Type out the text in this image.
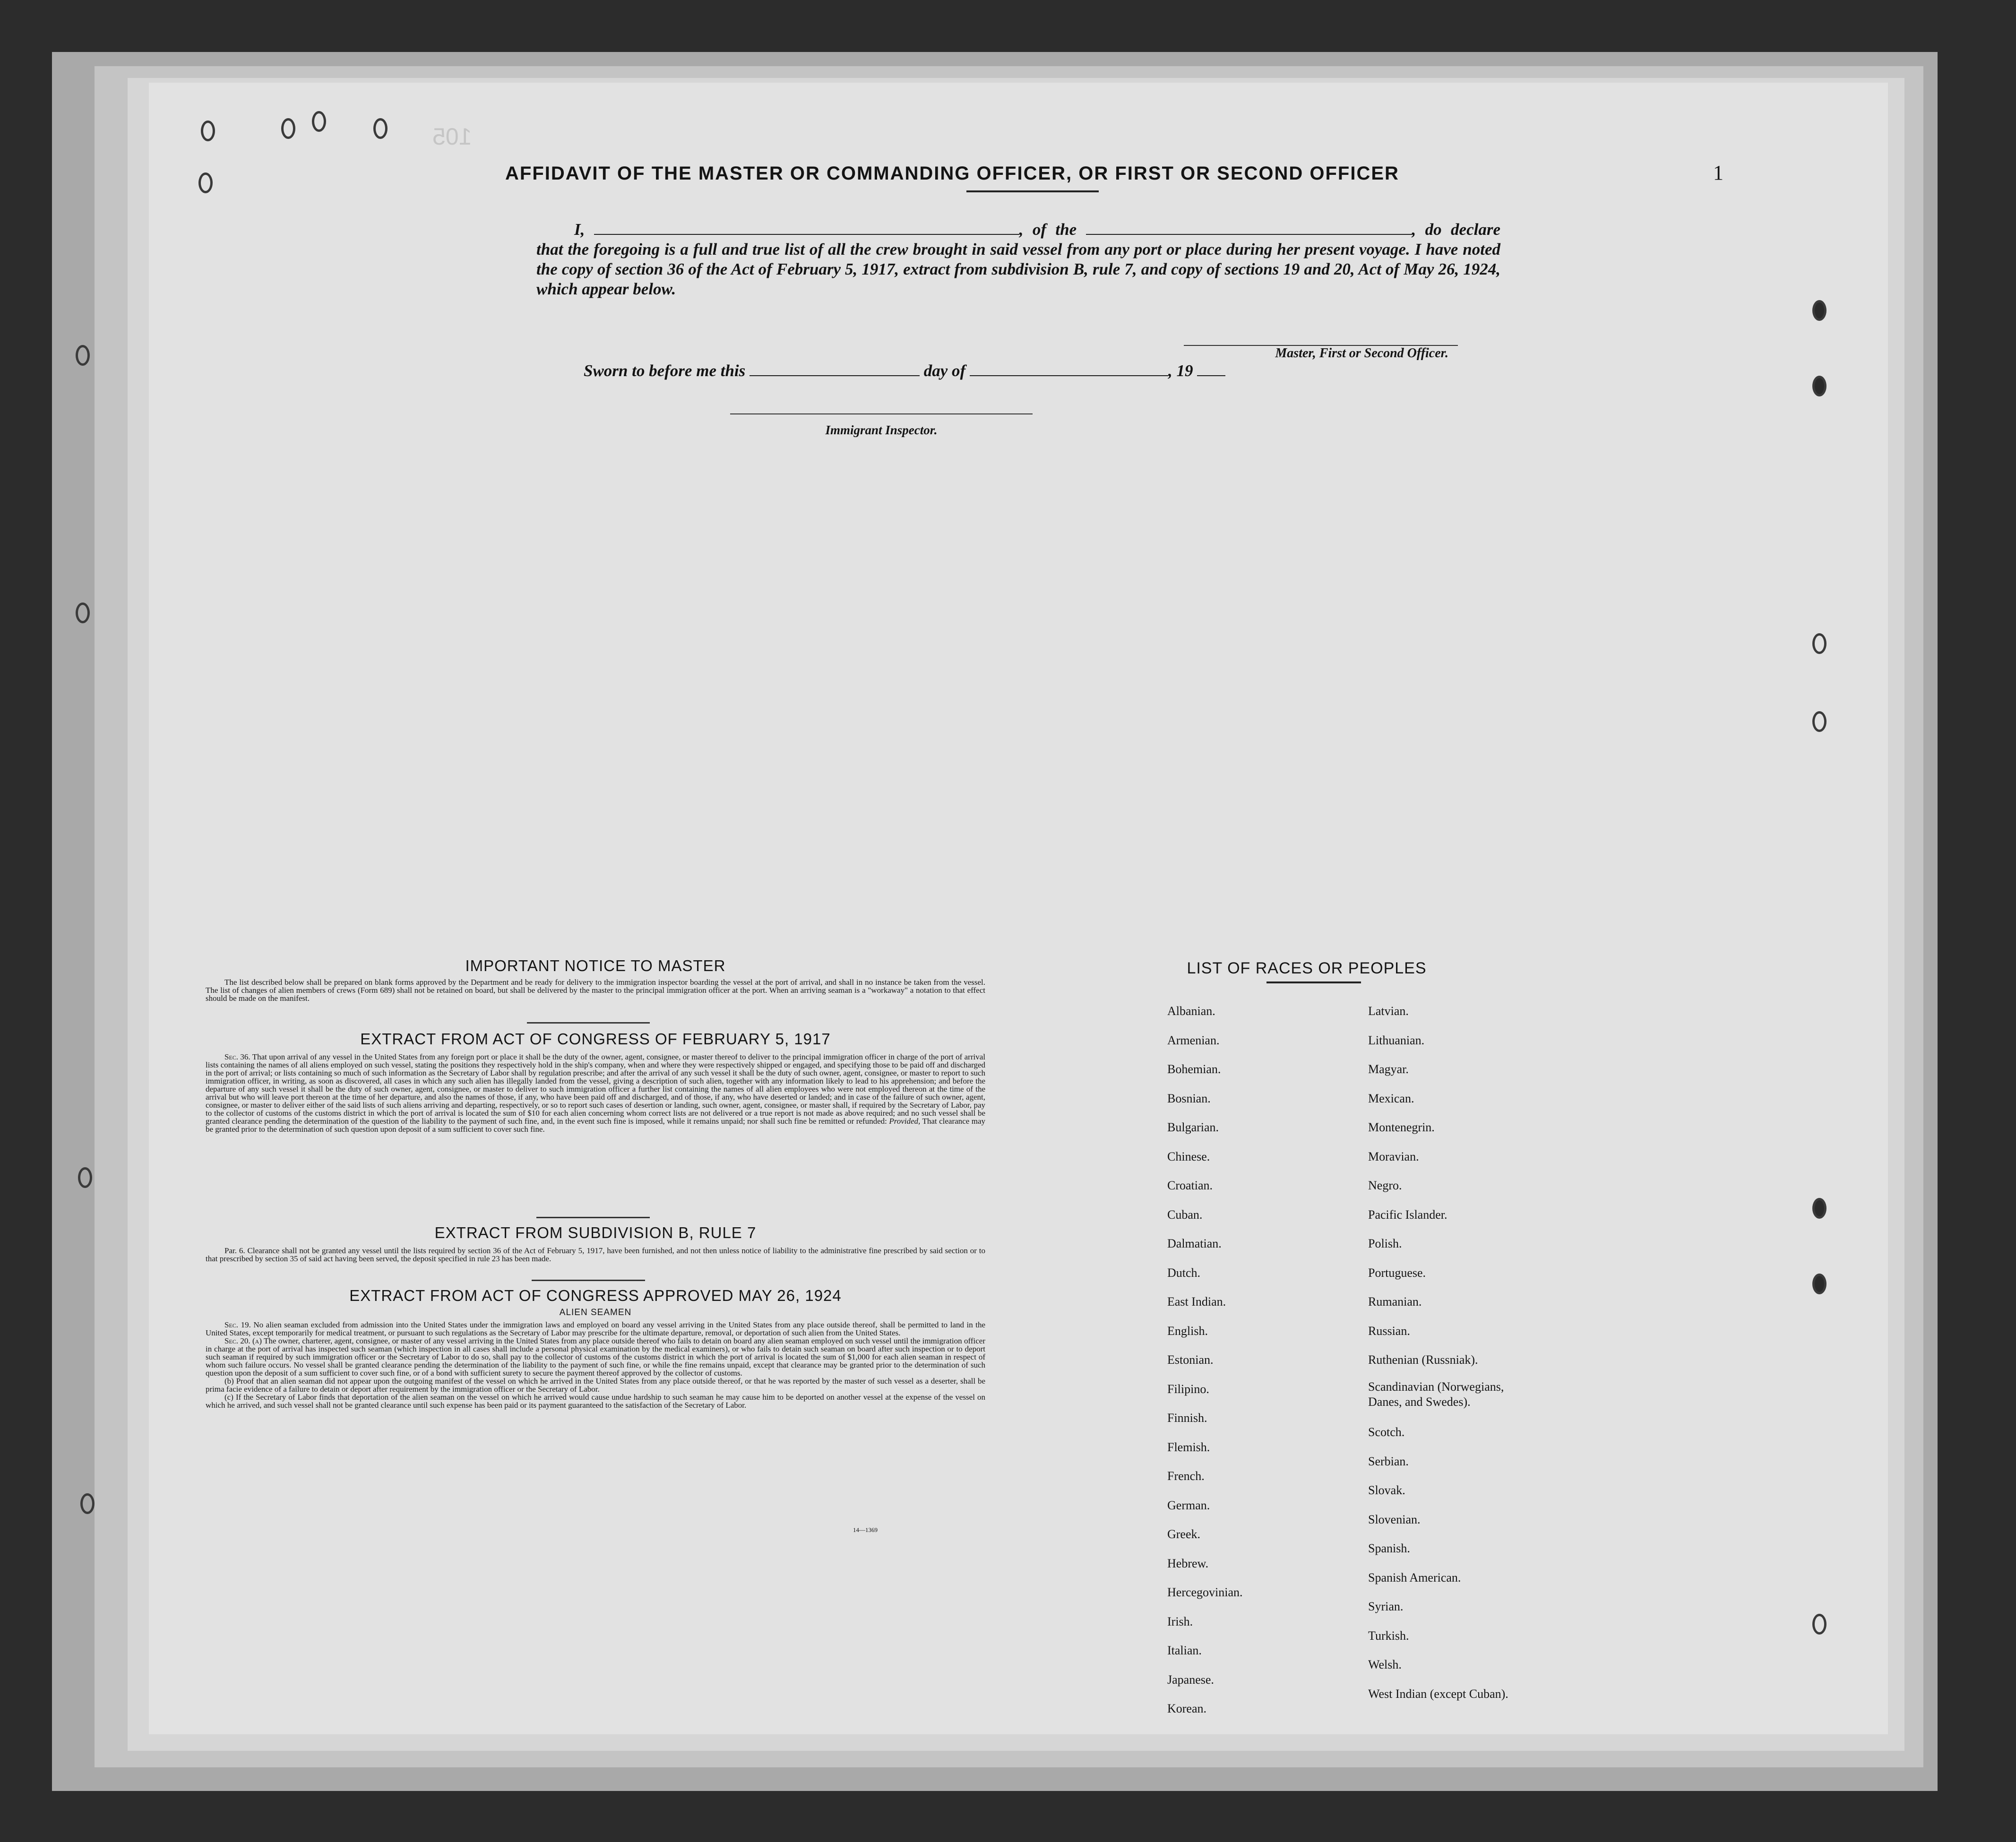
105
1
AFFIDAVIT OF THE MASTER OR COMMANDING OFFICER, OR FIRST OR SECOND OFFICER
I,	, of the	, do declare that the foregoing is a full and true list of all the crew brought in said vessel from any port or place during her present voyage. I have noted the copy of section 36 of the Act of February 5, 1917, extract from subdivision B, rule 7, and copy of sections 19 and 20, Act of May 26, 1924, which appear below.
Master, First or Second Officer.
Sworn to before me this	day of	, 19
Immigrant Inspector.
IMPORTANT NOTICE TO MASTER

The list described below shall be prepared on blank forms approved by the Department and be ready for delivery to the immigration inspector boarding the vessel at the port of arrival, and shall in no instance be taken from the vessel. The list of changes of alien members of crews (Form 689) shall not be retained on board, but shall be delivered by the master to the principal immigration officer at the port. When an arriving seaman is a "workaway" a notation to that effect should be made on the manifest.

EXTRACT FROM ACT OF CONGRESS OF FEBRUARY 5, 1917

Sec. 36. That upon arrival of any vessel in the United States from any foreign port or place it shall be the duty of the owner, agent, consignee, or master thereof to deliver to the principal immigration officer in charge of the port of arrival lists containing the names of all aliens employed on such vessel, stating the positions they respectively hold in the ship's company, when and where they were respectively shipped or engaged, and specifying those to be paid off and discharged in the port of arrival; or lists containing so much of such information as the Secretary of Labor shall by regulation prescribe; and after the arrival of any such vessel it shall be the duty of such owner, agent, consignee, or master to report to such immigration officer, in writing, as soon as discovered, all cases in which any such alien has illegally landed from the vessel, giving a description of such alien, together with any information likely to lead to his apprehension; and before the departure of any such vessel it shall be the duty of such owner, agent, consignee, or master to deliver to such immigration officer a further list containing the names of all alien employees who were not employed thereon at the time of the arrival but who will leave port thereon at the time of her departure, and also the names of those, if any, who have been paid off and discharged, and of those, if any, who have deserted or landed; and in case of the failure of such owner, agent, consignee, or master to deliver either of the said lists of such aliens arriving and departing, respectively, or so to report such cases of desertion or landing, such owner, agent, consignee, or master shall, if required by the Secretary of Labor, pay to the collector of customs of the customs district in which the port of arrival is located the sum of $10 for each alien concerning whom correct lists are not delivered or a true report is not made as above required; and no such vessel shall be granted clearance pending the determination of the question of the liability to the payment of such fine, and, in the event such fine is imposed, while it remains unpaid; nor shall such fine be remitted or refunded: Provided, That clearance may be granted prior to the determination of such question upon deposit of a sum sufficient to cover such fine.

EXTRACT FROM SUBDIVISION B, RULE 7

Par. 6. Clearance shall not be granted any vessel until the lists required by section 36 of the Act of February 5, 1917, have been furnished, and not then unless notice of liability to the administrative fine prescribed by said section or to that prescribed by section 35 of said act having been served, the deposit specified in rule 23 has been made.

EXTRACT FROM ACT OF CONGRESS APPROVED MAY 26, 1924
ALIEN SEAMEN

Sec. 19. No alien seaman excluded from admission into the United States under the immigration laws and employed on board any vessel arriving in the United States from any place outside thereof, shall be permitted to land in the United States, except temporarily for medical treatment, or pursuant to such regulations as the Secretary of Labor may prescribe for the ultimate departure, removal, or deportation of such alien from the United States.

Sec. 20. (a) The owner, charterer, agent, consignee, or master of any vessel arriving in the United States from any place outside thereof who fails to detain on board any alien seaman employed on such vessel until the immigration officer in charge at the port of arrival has inspected such seaman (which inspection in all cases shall include a personal physical examination by the medical examiners), or who fails to detain such seaman on board after such inspection or to deport such seaman if required by such immigration officer or the Secretary of Labor to do so, shall pay to the collector of customs of the customs district in which the port of arrival is located the sum of $1,000 for each alien seaman in respect of whom such failure occurs. No vessel shall be granted clearance pending the determination of the liability to the payment of such fine, or while the fine remains unpaid, except that clearance may be granted prior to the determination of such question upon the deposit of a sum sufficient to cover such fine, or of a bond with sufficient surety to secure the payment thereof approved by the collector of customs.

(b) Proof that an alien seaman did not appear upon the outgoing manifest of the vessel on which he arrived in the United States from any place outside thereof, or that he was reported by the master of such vessel as a deserter, shall be prima facie evidence of a failure to detain or deport after requirement by the immigration officer or the Secretary of Labor.

(c) If the Secretary of Labor finds that deportation of the alien seaman on the vessel on which he arrived would cause undue hardship to such seaman he may cause him to be deported on another vessel at the expense of the vessel on which he arrived, and such vessel shall not be granted clearance until such expense has been paid or its payment guaranteed to the satisfaction of the Secretary of Labor.

14—1369
LIST OF RACES OR PEOPLES
Albanian.
Armenian.
Bohemian.
Bosnian.
Bulgarian.
Chinese.
Croatian.
Cuban.
Dalmatian.
Dutch.
East Indian.
English.
Estonian.
Filipino.
Finnish.
Flemish.
French.
German.
Greek.
Hebrew.
Hercegovinian.
Irish.
Italian.
Japanese.
Korean.
Latvian.
Lithuanian.
Magyar.
Mexican.
Montenegrin.
Moravian.
Negro.
Pacific Islander.
Polish.
Portuguese.
Rumanian.
Russian.
Ruthenian (Russniak).
Scandinavian (Norwegians,
Danes, and Swedes).
Scotch.
Serbian.
Slovak.
Slovenian.
Spanish.
Spanish American.
Syrian.
Turkish.
Welsh.
West Indian (except Cuban).
